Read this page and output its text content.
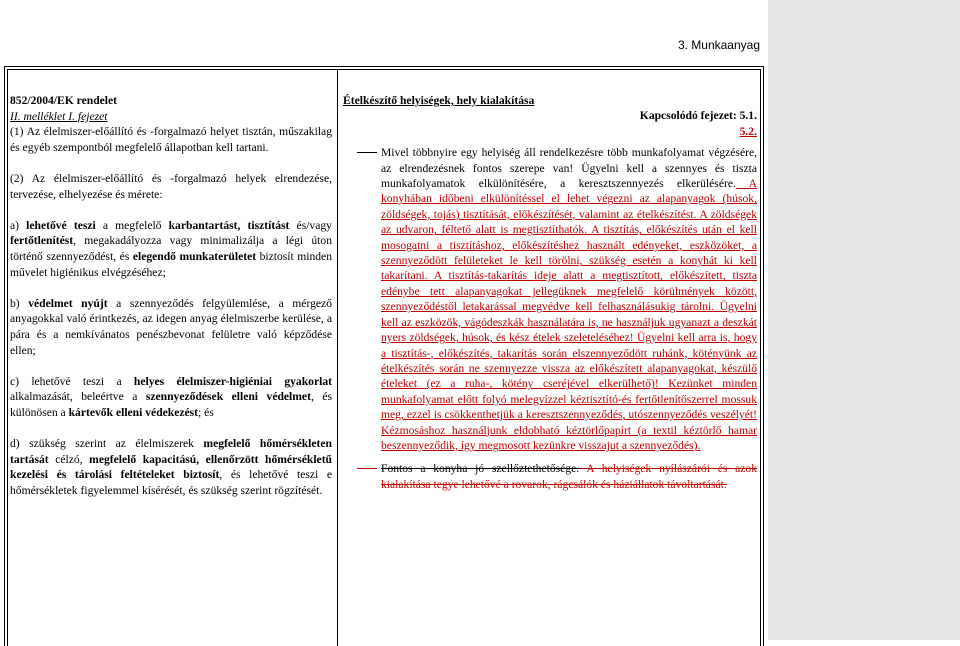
3. Munkaanyag

852/2004/EK rendelet

II. melléklet I. fejezet

(1) Az élelmiszer-előállító és -forgalmazó helyet tisztán, műszakilag és egyéb szempontból megfelelő állapotban kell tartani.

(2) Az élelmiszer-előállító és -forgalmazó helyek elrendezése, tervezése, elhelyezése és mérete:

a) lehetővé teszi a megfelelő karbantartást, tisztítást és/vagy fertőtlenítést, megakadályozza vagy minimalizálja a légi úton történő szennyeződést, és elegendő munkaterületet biztosít minden művelet higiénikus elvégzéséhez;

b) védelmet nyújt a szennyeződés felgyülemlése, a mérgező anyagokkal való érintkezés, az idegen anyag élelmiszerbe kerülése, a pára és a nemkívánatos penészbevonat felületre való képződése ellen;

c) lehetővé teszi a helyes élelmiszer-higiéniai gyakorlat alkalmazását, beleértve a szennyeződések elleni védelmet, és különösen a kártevők elleni védekezést; és

d) szükség szerint az élelmiszerek megfelelő hőmérsékleten tartását célzó, megfelelő kapacitású, ellenőrzött hőmérsékletű kezelési és tárolási feltételeket biztosít, és lehetővé teszi e hőmérsékletek figyelemmel kísérését, és szükség szerint rögzítését.

Ételkészítő helyiségek, hely kialakítása
Kapcsolódó fejezet: 5.1.
5.2.
Mivel többnyire egy helyiség áll rendelkezésre több munkafolyamat végzésére, az elrendezésnek fontos szerepe van! Ügyelni kell a szennyes és tiszta munkafolyamatok elkülönítésére, a keresztszennyezés elkerülésére. A konyhában időbeni elkülönítéssel el lehet végezni az alapanyagok (húsok, zöldségek, tojás) tisztítását, előkészítését, valamint az ételkészítést. A zöldségek az udvaron, féltető alatt is megtisztíthatók. A tisztítás, előkészítés után el kell mosogatni a tisztításhoz, előkészítéshez használt edényeket, eszközöket, a szennyeződött felületeket le kell törölni, szükség esetén a konyhát ki kell takarítani. A tisztítás-takarítás ideje alatt a megtisztított, előkészített, tiszta edénybe tett alapanyagokat jellegüknek megfelelő körülmények között, szennyeződéstől letakarással megvédve kell felhasználásukig tárolni. Ügyelni kell az eszközök, vágódeszkák használatára is, ne használjuk ugyanazt a deszkát nyers zöldségek, húsok, és kész ételek szeleteléséhez! Ügyelni kell arra is, hogy a tisztítás-, előkészítés, takarítás során elszennyeződött ruhánk, kötényünk az ételkészítés során ne szennyezze vissza az előkészített alapanyagokat, készülő ételeket (ez a ruha-, kötény cseréjével elkerülhető)! Kezünket minden munkafolyamat előtt folyó melegvízzel kéztisztító-és fertőtlenítőszerrel mossuk meg, ezzel is csökkenthetjük a keresztszennyeződés, utószennyeződés veszélyét! Kézmosáshoz használjunk eldobható kéztörlőpapírt (a textil kéztörlő hamar beszennyeződik, így megmosott kezünkre visszajut a szennyeződés).
Fontos a konyha jó szellőztethetősége. A helyiségek nyílászárói és azok kialakítása tegye lehetővé a rovarok, rágcsálók és háziállatok távoltartását.
